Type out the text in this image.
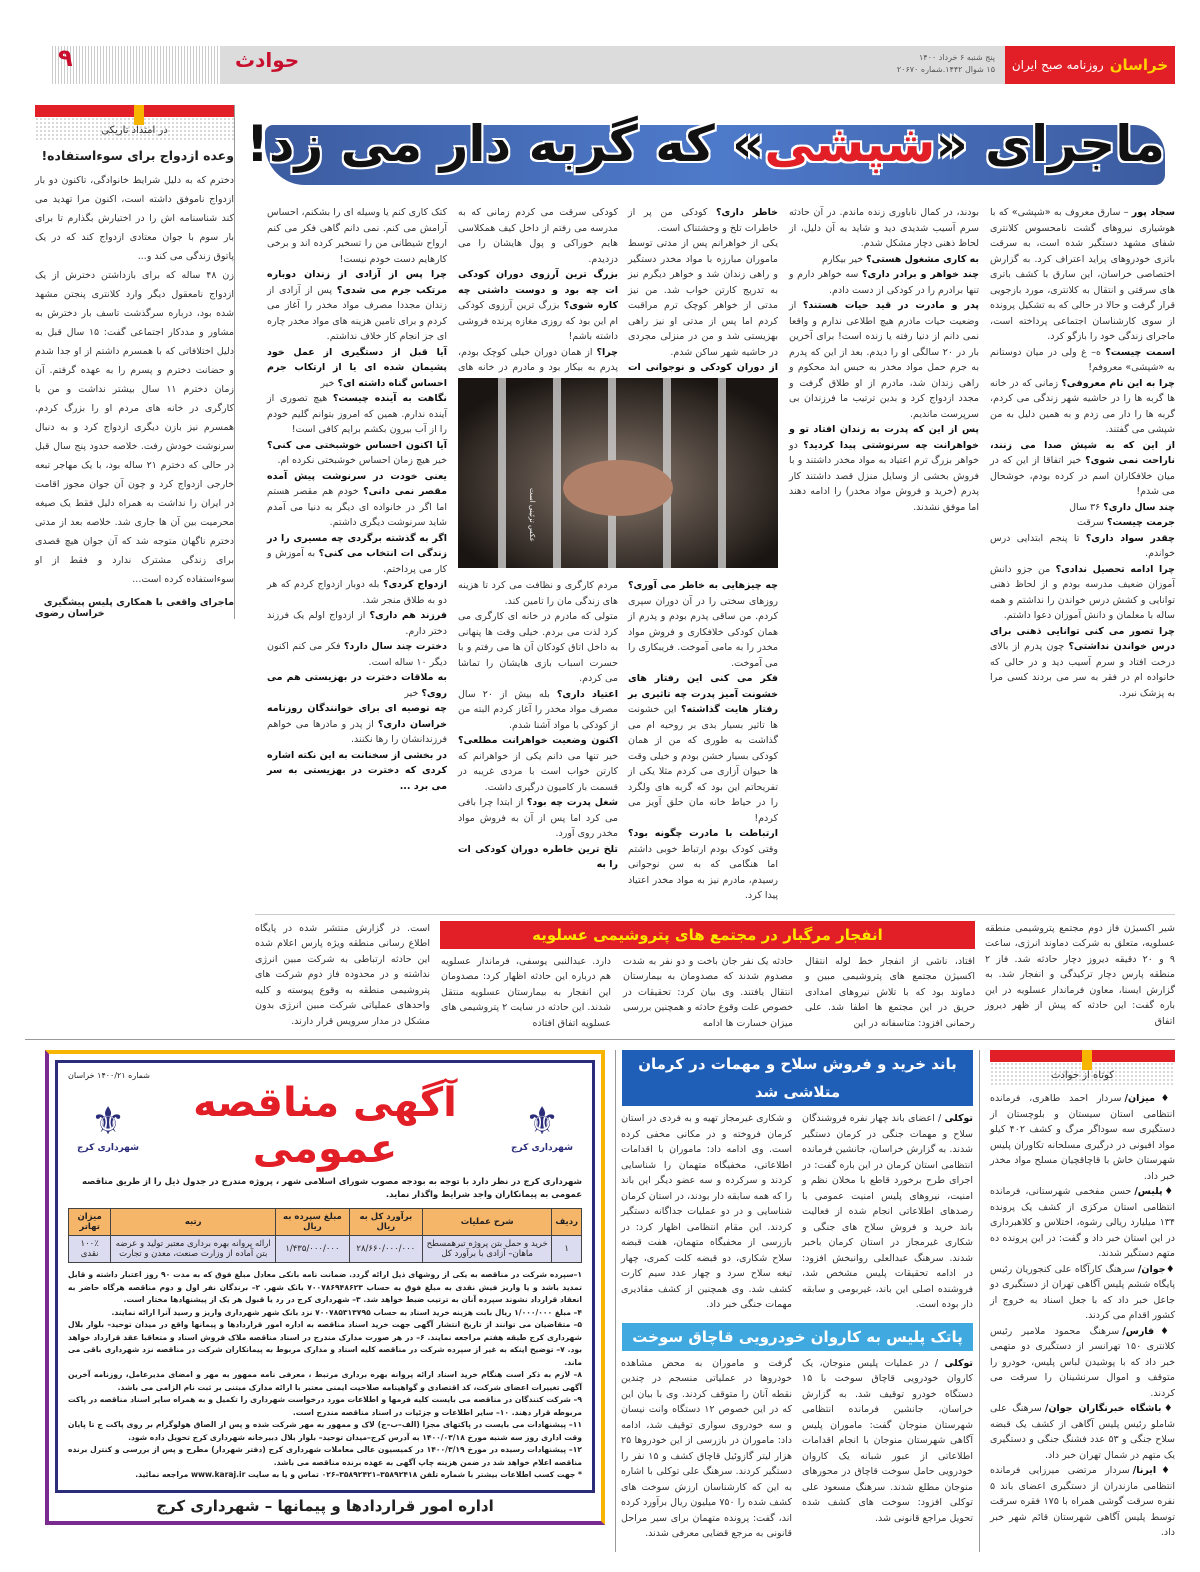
خراسان
روزنامه صبح ایران
پنج شنبه ۶ خرداد ۱۴۰۰
۱۵ شوال ۱۴۴۲.شماره ۲۰۶۷۰
حوادث
۹
ماجرای «شپشی» که گربه دار می زد!
سجاد پور – سارق معروف به «شپشی» که با هوشیاری نیروهای گشت نامحسوس کلانتری شفای مشهد دستگیر شده است، به سرقت باتری خودروهای پراید اعتراف کرد. به گزارش اختصاصی خراسان، این سارق با کشف باتری های سرقتی و انتقال به کلانتری، مورد بازجویی قرار گرفت و حالا در حالی که به تشکیل پرونده از سوی کارشناسان اجتماعی پرداخته است، ماجرای زندگی خود را بازگو کرد.
اسمت چیست؟ ه– غ ولی در میان دوستانم به «شپشی» معروفم!
چرا به این نام معروفی؟ زمانی که در خانه ها گربه ها را در حاشیه شهر زندگی می کردم، گربه ها را دار می زدم و به همین دلیل به من شپشی می گفتند.
از این که به شپش صدا می زنند، ناراحت نمی شوی؟ خیر اتفاقا از این که در میان خلافکاران اسم در کرده بودم، خوشحال می شدم!
چند سال داری؟ ۳۶ سال
جرمت چیست؟ سرقت
چقدر سواد داری؟ تا پنجم ابتدایی درس خواندم.
چرا ادامه تحصیل ندادی؟ من جزو دانش آموزان ضعیف مدرسه بودم و از لحاظ ذهنی توانایی و کشش درس خواندن را نداشتم و همه ساله با معلمان و دانش آموزان دعوا داشتم.
چرا تصور می کنی توانایی ذهنی برای درس خواندن نداشتی؟ چون پدرم از بالای درخت افتاد و سرم آسیب دید و در حالی که خانواده ام در فقر به سر می بردند کسی مرا به پزشک نبرد.
بودند، در کمال ناباوری زنده ماندم. در آن حادثه سرم آسیب شدیدی دید و شاید به آن دلیل، از لحاظ ذهنی دچار مشکل شدم.
به کاری مشغول هستی؟ خیر بیکارم
چند خواهر و برادر داری؟ سه خواهر دارم و تنها برادرم را در کودکی از دست دادم.
پدر و مادرت در قید حیات هستند؟ از وضعیت حیات مادرم هیچ اطلاعی ندارم و واقعا نمی دانم از دنیا رفته یا زنده است! برای آخرین بار در ۲۰ سالگی او را دیدم. بعد از این که پدرم به جرم حمل مواد مخدر به حبس ابد محکوم و راهی زندان شد، مادرم از او طلاق گرفت و مجدد ازدواج کرد و بدین ترتیب ما فرزندان بی سرپرست ماندیم.
پس از این که پدرت به زندان افتاد تو و خواهرانت چه سرنوشتی پیدا کردید؟ دو خواهر بزرگ ترم اعتیاد به مواد مخدر داشتند و با فروش بخشی از وسایل منزل قصد داشتند کار پدرم (خرید و فروش مواد مخدر) را ادامه دهند اما موفق نشدند.
خاطر داری؟ کودکی من پر از خاطرات تلخ و وحشتناک است.
یکی از خواهرانم پس از مدتی توسط ماموران مبارزه با مواد مخدر دستگیر و راهی زندان شد و خواهر دیگرم نیز به تدریج کارتن خواب شد. من نیز مدتی از خواهر کوچک ترم مراقبت کردم اما پس از مدتی او نیز راهی بهزیستی شد و من در منزلی مجردی در حاشیه شهر ساکن شدم.
از دوران کودکی و نوجوانی ات چه چیزهایی به خاطر می آوری؟ روزهای سختی را در آن دوران سپری کردم. من ساقی پدرم بودم و پدرم از همان کودکی خلافکاری و فروش مواد مخدر را به مامی آموخت. فریبکاری را می آموخت.
فکر می کنی این رفتار های خشونت آمیز پدرت چه تاثیری بر رفتار هایت گذاشته؟ این خشونت ها تاثیر بسیار بدی بر روحیه ام می گذاشت به طوری که من از همان کودکی بسیار خشن بودم و خیلی وقت ها حیوان آزاری می کردم مثلا یکی از تفریحاتم این بود که گربه های ولگرد را در حیاط خانه مان حلق آویز می کردم!
ارتباطت با مادرت چگونه بود؟ وقتی کودک بودم ارتباط خوبی داشتم اما هنگامی که به سن نوجوانی رسیدم، مادرم نیز به مواد مخدر اعتیاد پیدا کرد.
کودکی سرقت می کردم زمانی که به مدرسه می رفتم از داخل کیف همکلاسی هایم خوراکی و پول هایشان را می دزدیدم.
بزرگ ترین آرزوی دوران کودکی ات چه بود و دوست داشتی چه کاره شوی؟ بزرگ ترین آرزوی کودکی ام این بود که روزی مغازه پرنده فروشی داشته باشم!
چرا؟ از همان دوران خیلی کوچک بودم، پدرم به بیکار بود و مادرم در خانه های مردم کارگری و نظافت می کرد تا هزینه های زندگی مان را تامین کند.
متولی که مادرم در خانه ای کارگری می کرد لذت می بردم. خیلی وقت ها پنهانی به داخل اتاق کودکان آن ها می رفتم و با حسرت اسباب بازی هایشان را تماشا می کردم.
اعتیاد داری؟ بله بیش از ۲۰ سال مصرف مواد مخدر را آغاز کردم البته من از کودکی با مواد آشنا شدم.
اکنون وضعیت خواهرانت مطلعی؟ خیر تنها می دانم یکی از خواهرانم که کارتن خواب است با مردی غریبه در قسمت بار کامیون درگیری داشت.
شغل پدرت چه بود؟ از ابتدا چرا بافی می کرد اما پس از آن به فروش مواد مخدر روی آورد.
تلخ ترین خاطره دوران کودکی ات را به
عکس تزئینی است
کتک کاری کنم یا وسیله ای را بشکنم، احساس آرامش می کنم. نمی دانم گاهی فکر می کنم ارواح شیطانی من را تسخیر کرده اند و برخی کارهایم دست خودم نیست!
چرا پس از آزادی از زندان دوباره مرتکب جرم می شدی؟ پس از آزادی از زندان مجددا مصرف مواد مخدر را آغاز می کردم و برای تامین هزینه های مواد مخدر چاره ای جز انجام کار خلاف نداشتم.
آیا قبل از دستگیری از عمل خود پشیمان شده ای یا از ارتکاب جرم احساس گناه داشته ای؟ خیر
نگاهت به آینده چیست؟ هیچ تصوری از آینده ندارم. همین که امروز بتوانم گلیم خودم را از آب بیرون بکشم برایم کافی است!
آیا اکنون احساس خوشبختی می کنی؟ خیر هیچ زمان احساس خوشبختی نکرده ام.
یعنی خودت در سرنوشت پیش آمده مقصر نمی دانی؟ خودم هم مقصر هستم اما اگر در خانواده ای دیگر به دنیا می آمدم شاید سرنوشت دیگری داشتم.
اگر به گذشته برگردی چه مسیری را در زندگی ات انتخاب می کنی؟ به آموزش و کار می پرداختم.
ازدواج کردی؟ بله دوبار ازدواج کردم که هر دو به طلاق منجر شد.
فرزند هم داری؟ از ازدواج اولم یک فرزند دختر دارم.
دخترت چند سال دارد؟ فکر می کنم اکنون دیگر ۱۰ ساله است.
به ملاقات دخترت در بهزیستی هم می روی؟ خیر
چه توصیه ای برای خوانندگان روزنامه خراسان داری؟ از پدر و مادرها می خواهم فرزندانشان را رها نکنند.
در بخشی از سخنانت به این نکته اشاره کردی که دخترت در بهزیستی به سر می برد ...
شیر اکسیژن فاز دوم مجتمع پتروشیمی منطقه عسلویه، متعلق به شرکت دماوند انرژی، ساعت ۹ و ۲۰ دقیقه دیروز دچار حادثه شد. فاز ۲ منطقه پارس دچار ترکیدگی و انفجار شد. به گزارش ایسنا، معاون فرماندار عسلویه در این باره گفت: این حادثه که پیش از ظهر دیروز اتفاق
انفجار مرگبار در مجتمع های پتروشیمی عسلویه
افتاد، ناشی از انفجار خط لوله انتقال اکسیژن مجتمع های پتروشیمی مبین و دماوند بود که با تلاش نیروهای امدادی حریق در این مجتمع ها اطفا شد. علی رحمانی افزود: متاسفانه در این
حادثه یک نفر جان باخت و دو نفر به شدت مصدوم شدند که مصدومان به بیمارستان انتقال یافتند. وی بیان کرد: تحقیقات در خصوص علت وقوع حادثه و همچنین بررسی میزان خسارت ها ادامه
دارد. عبدالنبی یوسفی، فرماندار عسلویه هم درباره این حادثه اظهار کرد: مصدومان این انفجار به بیمارستان عسلویه منتقل شدند. این حادثه در سایت ۲ پتروشیمی های عسلویه اتفاق افتاده
است. در گزارش منتشر شده در پایگاه اطلاع رسانی منطقه ویژه پارس اعلام شده این حادثه ارتباطی به شرکت مبین انرژی نداشته و در محدوده فاز دوم شرکت های پتروشیمی منطقه به وقوع پیوسته و کلیه واحدهای عملیاتی شرکت مبین انرژی بدون مشکل در مدار سرویس قرار دارند.
در امتداد تاریکی
وعده ازدواج برای سوءاستفاده!
دخترم که به دلیل شرایط خانوادگی، تاکنون دو بار ازدواج ناموفق داشته است، اکنون مرا تهدید می کند شناسنامه اش را در اختیارش بگذارم تا برای بار سوم با جوان معتادی ازدواج کند که در یک پاتوق زندگی می کند و...
زن ۴۸ ساله که برای بازداشتن دخترش از یک ازدواج نامعقول دیگر وارد کلانتری پنجتن مشهد شده بود، درباره سرگذشت تاسف بار دخترش به مشاور و مددکار اجتماعی گفت: ۱۵ سال قبل به دلیل اختلافاتی که با همسرم داشتم از او جدا شدم و حضانت دخترم و پسرم را به عهده گرفتم. آن زمان دخترم ۱۱ سال بیشتر نداشت و من با کارگری در خانه های مردم او را بزرگ کردم. همسرم نیز بازن دیگری ازدواج کرد و به دنبال سرنوشت خودش رفت. خلاصه حدود پنج سال قبل در حالی که دخترم ۲۱ ساله بود، با یک مهاجر تبعه خارجی ازدواج کرد و چون آن جوان مجوز اقامت در ایران را نداشت به همراه دلیل فقط یک صیغه محرمیت بین آن ها جاری شد. خلاصه بعد از مدتی دخترم ناگهان متوجه شد که آن جوان هیچ قصدی برای زندگی مشترک ندارد و فقط از او سوءاستفاده کرده است...
ماجرای واقعی با همکاری پلیس پیشگیری
خراسان رضوی
کوتاه از حوادث
♦میزان/ سردار احمد طاهری، فرمانده انتظامی استان سیستان و بلوچستان از دستگیری سه سوداگر مرگ و کشف ۴۰۲ کیلو مواد افیونی در درگیری مسلحانه تکاوران پلیس شهرستان خاش با قاچاقچیان مسلح مواد مخدر خبر داد.
♦پلیس/ حسن مفخمی شهرستانی، فرمانده انتظامی استان مرکزی از کشف یک پرونده ۱۳۴ میلیارد ریالی رشوه، اختلاس و کلاهبرداری در این استان خبر داد و گفت: در این پرونده ده متهم دستگیر شدند.
♦جوان/ سرهنگ کارآگاه علی کنجوریان رئیس پایگاه ششم پلیس آگاهی تهران از دستگیری دو جاعل خبر داد که با جعل اسناد به خروج از کشور اقدام می کردند.
♦فارس/ سرهنگ محمود ملامیر رئیس کلانتری ۱۵۰ تهرانسر از دستگیری دو متهمی خبر داد که با پوشیدن لباس پلیس، خودرو را متوقف و اموال سرنشینان را سرقت می کردند.
♦باشگاه خبرنگاران جوان/ سرهنگ علی شاملو رئیس پلیس آگاهی از کشف یک قبضه سلاح جنگی و ۵۳ عدد فشنگ جنگی و دستگیری یک متهم در شمال تهران خبر داد.
♦ایرنا/ سردار مرتضی میرزایی فرمانده انتظامی مازندران از دستگیری اعضای باند ۵ نفره سرقت گوشی همراه با ۱۷۵ فقره سرقت توسط پلیس آگاهی شهرستان قائم شهر خبر داد.
باند خرید و فروش سلاح و مهمات در کرمان متلاشی شد
توکلی / اعضای باند چهار نفره فروشندگان سلاح و مهمات جنگی در کرمان دستگیر شدند. به گزارش خراسان، جانشین فرمانده انتظامی استان کرمان در این باره گفت: در اجرای طرح برخورد قاطع با مخلان نظم و امنیت، نیروهای پلیس امنیت عمومی با رصدهای اطلاعاتی انجام شده از فعالیت باند خرید و فروش سلاح های جنگی و شکاری غیرمجاز در استان کرمان باخبر شدند. سرهنگ عبدالعلی روانبخش افزود: در ادامه تحقیقات پلیس مشخص شد، فروشنده اصلی این باند، غیربومی و سابقه دار بوده است.
و شکاری غیرمجاز تهیه و به فردی در استان کرمان فروخته و در مکانی مخفی کرده است. وی ادامه داد: ماموران با اقدامات اطلاعاتی، مخفیگاه متهمان را شناسایی کردند و سرکرده و سه عضو دیگر این باند را که همه سابقه دار بودند، در استان کرمان شناسایی و در دو عملیات جداگانه دستگیر کردند. این مقام انتظامی اظهار کرد: در بازرسی از مخفیگاه متهمان، هفت قبضه سلاح شکاری، دو قبضه کلت کمری، چهار تیغه سلاح سرد و چهار عدد سیم کارت کشف شد. وی همچنین از کشف مقادیری مهمات جنگی خبر داد.
پاتک پلیس به کاروان خودرویی قاچاق سوخت
توکلی / در عملیات پلیس منوجان، یک کاروان خودرویی قاچاق سوخت با ۱۵ دستگاه خودرو توقیف شد. به گزارش خراسان، جانشین فرمانده انتظامی شهرستان منوجان گفت: ماموران پلیس آگاهی شهرستان منوجان با انجام اقدامات اطلاعاتی از عبور شبانه یک کاروان خودرویی حامل سوخت قاچاق در محورهای منوجان مطلع شدند. سرهنگ مسعود علی توکلی افزود: سوخت های کشف شده تحویل مراجع قانونی شد.
گرفت و ماموران به محض مشاهده خودروها در عملیاتی منسجم در چندین نقطه آنان را متوقف کردند. وی با بیان این که در این خصوص ۱۲ دستگاه وانت نیسان و سه خودروی سواری توقیف شد، ادامه داد: ماموران در بازرسی از این خودروها ۲۵ هزار لیتر گازوئیل قاچاق کشف و ۱۵ نفر را دستگیر کردند. سرهنگ علی توکلی با اشاره به این که کارشناسان ارزش سوخت های کشف شده را ۷۵۰ میلیون ریال برآورد کرده اند، گفت: پرونده متهمان برای سیر مراحل قانونی به مرجع قضایی معرفی شدند.
شماره ۱۴۰۰/۲۱ خراسان
⚜
شهرداری کرج
آگهی مناقصه عمومی
⚜
شهرداری کرج
شهرداری کرج در نظر دارد با توجه به بودجه مصوب شورای اسلامی شهر ، پروژه مندرج در جدول ذیل را از طریق مناقصه عمومی به پیمانکاران واجد شرایط واگذار نماید.
ردیف	شرح عملیات	برآورد کل به ریال	مبلغ سپرده به ریال	رتبه	میزان تهاتر
۱	خرید و حمل بتن پروژه تبرهمسطح ماهان– آزادی با برآورد کل	۲۸/۶۶۰/۰۰۰/۰۰۰	۱/۴۳۵/۰۰۰/۰۰۰	ارائه پروانه بهره برداری معتبر تولید و عرضه بتن آماده از وزارت صنعت، معدن و تجارت	۱۰۰٪ نقدی
۱–سپرده شرکت در مناقصه به یکی از روشهای ذیل ارائه گردد. ضمانت نامه بانکی معادل مبلغ فوق که به مدت ۹۰ روز اعتبار داشته و قابل تمدید باشد و یا واریز فیش نقدی به مبلغ فوق به حساب ۷۰۰۷۸۶۹۴۸۶۲۳ بانک شهر. ۲– برندگان نفر اول و دوم مناقصه هرگاه حاضر به انعقاد قرارداد نشوند سپرده آنان به ترتیب ضبط خواهد شد. ۳– شهرداری کرج در رد یا قبول هر یک از پیشنهادها مختار است.
۴– مبلغ ۱/۰۰۰/۰۰۰ ریال بابت هزینه خرید اسناد به حساب ۷۰۰۷۸۵۳۱۳۷۹۵ نزد بانک شهر شهرداری واریز و رسید آنرا ارائه نمایند.
۵– متقاضیان می توانند از تاریخ انتشار آگهی جهت خرید اسناد مناقصه به اداره امور قراردادها و پیمانها واقع در میدان توحید– بلوار بلال شهرداری کرج طبقه هفتم مراجعه نمایند. ۶– در هر صورت مدارک مندرج در اسناد مناقصه ملاک فروش اسناد و متعاقبا عقد قرارداد خواهد بود. ۷– توضیح اینکه به غیر از سپرده شرکت در مناقصه کلیه اسناد و مدارک مربوط به پیمانکاران شرکت در مناقصه نزد شهرداری باقی می ماند.
۸– لازم به ذکر است هنگام خرید اسناد ارائه پروانه بهره برداری مرتبط ، معرفی نامه ممهور به مهر و امضای مدیرعامل، روزنامه آخرین آگهی تغییرات اعضای شرکت، کد اقتصادی و گواهینامه صلاحیت ایمنی معتبر با ارائه مدارک مبتنی بر ثبت نام الزامی می باشد.
۹– شرکت کنندگان در مناقصه می بایست کلیه فرمها و اطلاعات مورد درخواست شهرداری را تکمیل و به همراه سایر اسناد مناقصه در پاکت مربوطه قرار دهند. ۱۰– سایر اطلاعات و جزئیات در اسناد مناقصه مندرج است.
۱۱– پیشنهادات می بایست در پاکتهای مجزا (الف–ب–ج) لاک و ممهور به مهر شرکت شده و پس از الصاق هولوگرام بر روی پاکت ج تا پایان وقت اداری روز سه شنبه مورخ ۱۴۰۰/۰۳/۱۸ به آدرس کرج–میدان توحید– بلوار بلال دبیرخانه شهرداری کرج تحویل داده شود.
۱۲– پیشنهادات رسیده در مورخ ۱۴۰۰/۳/۱۹ در کمیسیون عالی معاملات شهرداری کرج (دفتر شهردار) مطرح و پس از بررسی و کنترل برنده مناقصه اعلام خواهد شد در ضمن هزینه چاپ آگهی به عهده برنده مناقصه می باشد.
* جهت کسب اطلاعات بیشتر با شماره تلفن ۳۵۸۹۲۴۱۸–۳۵۸۹۲۴۲۱–۰۲۶ تماس و یا به سایت www.karaj.ir مراجعه نمائید.
اداره امور قراردادها و پیمانها – شهرداری کرج
